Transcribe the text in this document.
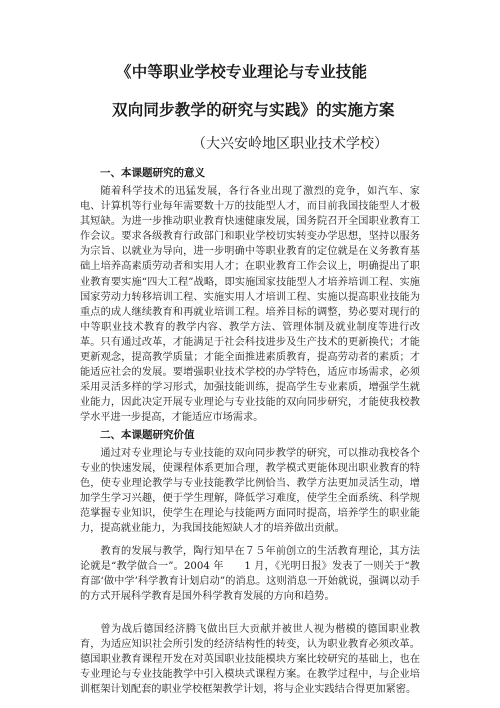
《中等职业学校专业理论与专业技能
双向同步教学的研究与实践》的实施方案
（大兴安岭地区职业技术学校）
一、本课题研究的意义

随着科学技术的迅猛发展，各行各业出现了激烈的竞争，如汽车、家电、计算机等行业每年需要数十万的技能型人才，而目前我国技能型人才极其短缺。为进一步推动职业教育快速健康发展，国务院召开全国职业教育工作会议。要求各级教育行政部门和职业学校切实转变办学思想，坚持以服务为宗旨、以就业为导向，进一步明确中等职业教育的定位就是在义务教育基础上培养高素质劳动者和实用人才；在职业教育工作会议上，明确提出了职业教育要实施“四大工程”战略，即实施国家技能型人才培养培训工程、实施国家劳动力转移培训工程、实施实用人才培训工程、实施以提高职业技能为重点的成人继续教育和再就业培训工程。培养目标的调整，势必要对现行的中等职业技术教育的教学内容、教学方法、管理体制及就业制度等进行改革。只有通过改革，才能满足于社会科技进步及生产技术的更新换代；才能更新观念，提高教学质量；才能全面推进素质教育，提高劳动者的素质；才能适应社会的发展。要增强职业技术学校的办学特色，适应市场需求，必须采用灵活多样的学习形式，加强技能训练，提高学生专业素质，增强学生就业能力，因此决定开展专业理论与专业技能的双向同步研究，才能使我校教学水平进一步提高，才能适应市场需求。

二、本课题研究价值

通过对专业理论与专业技能的双向同步教学的研究，可以推动我校各个专业的快速发展，使课程体系更加合理，教学模式更能体现出职业教育的特色，使专业理论教学与专业技能教学比例恰当、教学方法更加灵活生动，增加学生学习兴趣，便于学生理解，降低学习难度，使学生全面系统、科学规范掌握专业知识，使学生在理论与技能两方面同时提高，培养学生的职业能力，提高就业能力，为我国技能短缺人才的培养做出贡献。

教育的发展与教学，陶行知早在７５年前创立的生活教育理论，其方法论就是“教学做合一”。2004 年　　1 月，《光明日报》发表了一则关于“教育部‘做中学’科学教育计划启动”的消息。这则消息一开始就说，强调以动手的方式开展科学教育是国外科学教育发展的方向和趋势。

曾为战后德国经济腾飞做出巨大贡献并被世人视为楷模的德国职业教育，为适应知识社会所引发的经济结构性的转变，认为职业教育必须改革。德国职业教育课程开发在对英国职业技能模块方案比较研究的基础上，也在专业理论与专业技能教学中引入模块式课程方案。在教学过程中，与企业培训框架计划配套的职业学校框架教学计划，将与企业实践结合得更加紧密。
